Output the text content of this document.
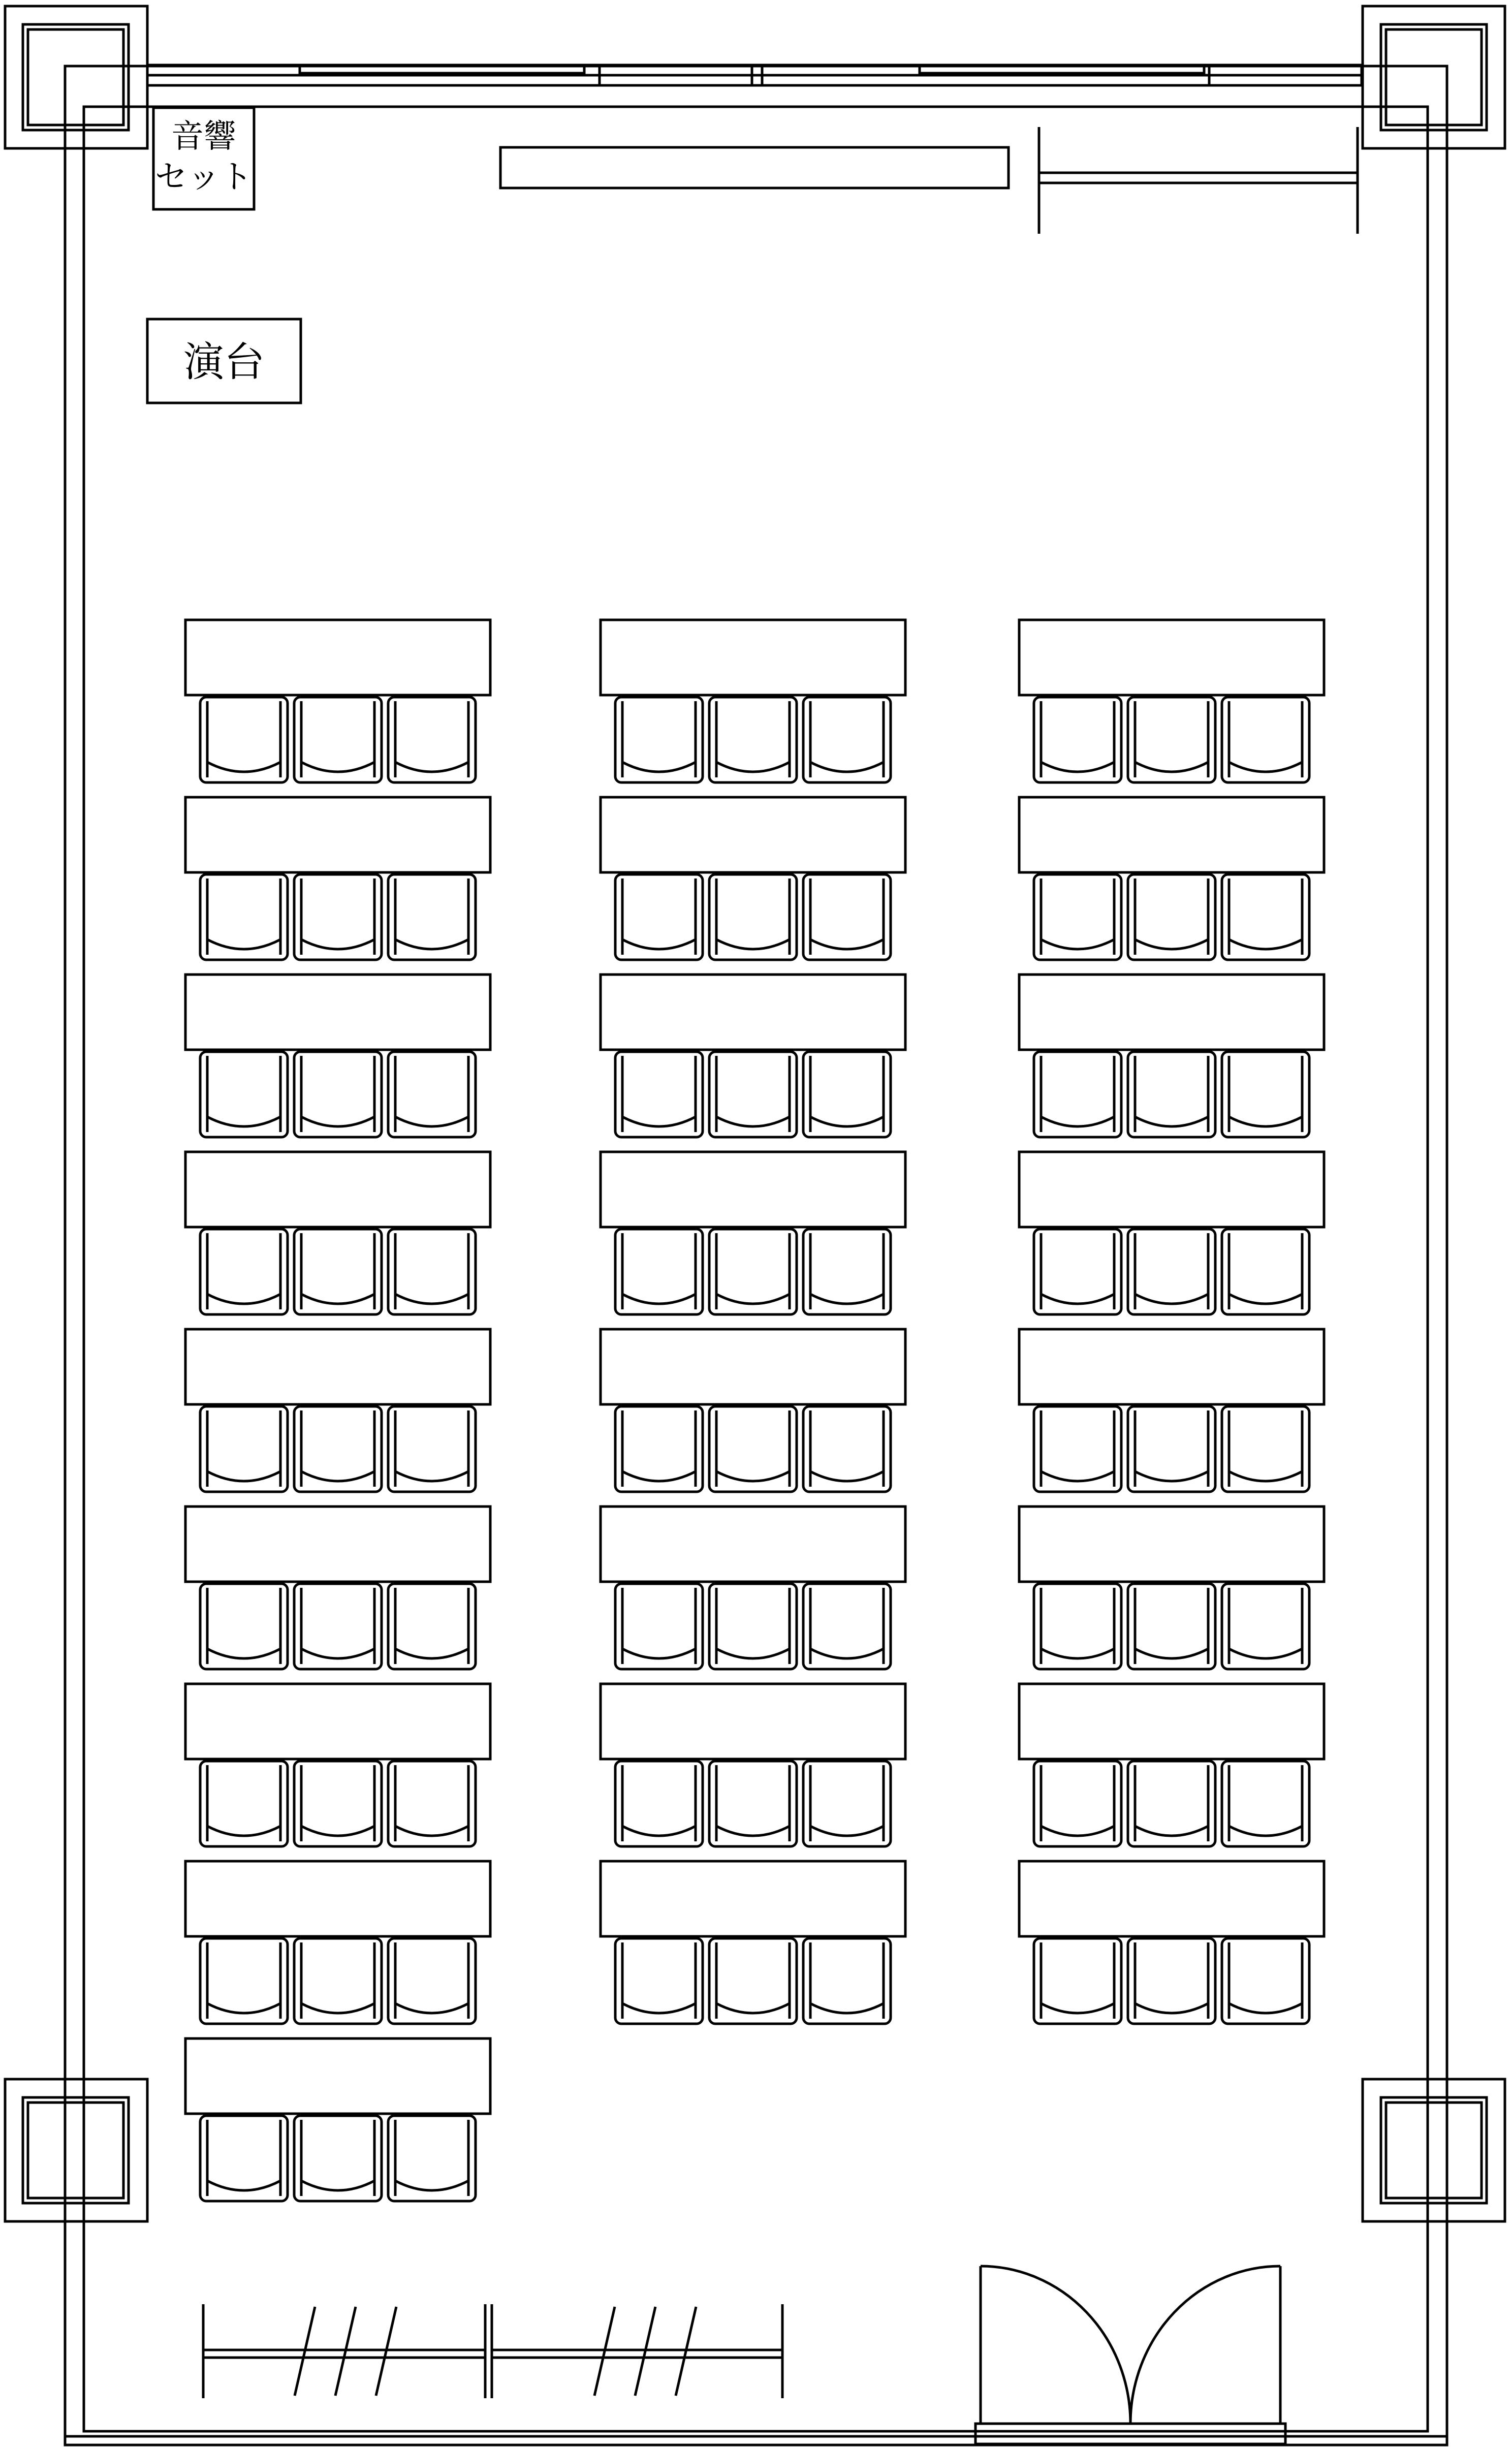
音響
セット
演台
